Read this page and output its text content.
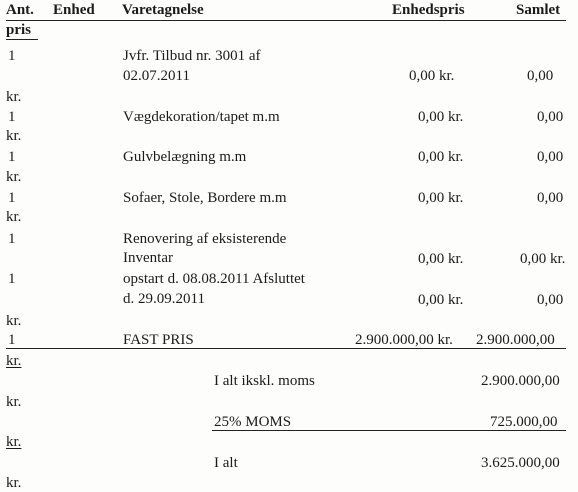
Ant. Enhed Varetagnelse	Enhedspris	Samlet
pris
1	Jvfr. Tilbud nr. 3001 af
02.07.2011	0,00 kr.	0,00
kr.
1	Vægdekoration/tapet m.m	0,00 kr.	0,00
kr.
1	Gulvbelægning m.m	0,00 kr.	0,00
kr.
1	Sofaer, Stole, Bordere m.m	0,00 kr.	0,00
kr.
1	Renovering af eksisterende
Inventar	0,00 kr.	0,00 kr.
1	opstart d. 08.08.2011 Afsluttet
d. 29.09.2011	0,00 kr.	0,00
kr.
1	FAST PRIS	2.900.000,00 kr. 2.900.000,00
kr.
I alt ikskl. moms	2.900.000,00
kr.
25% MOMS	725.000,00
kr.
I alt	3.625.000,00
kr.
